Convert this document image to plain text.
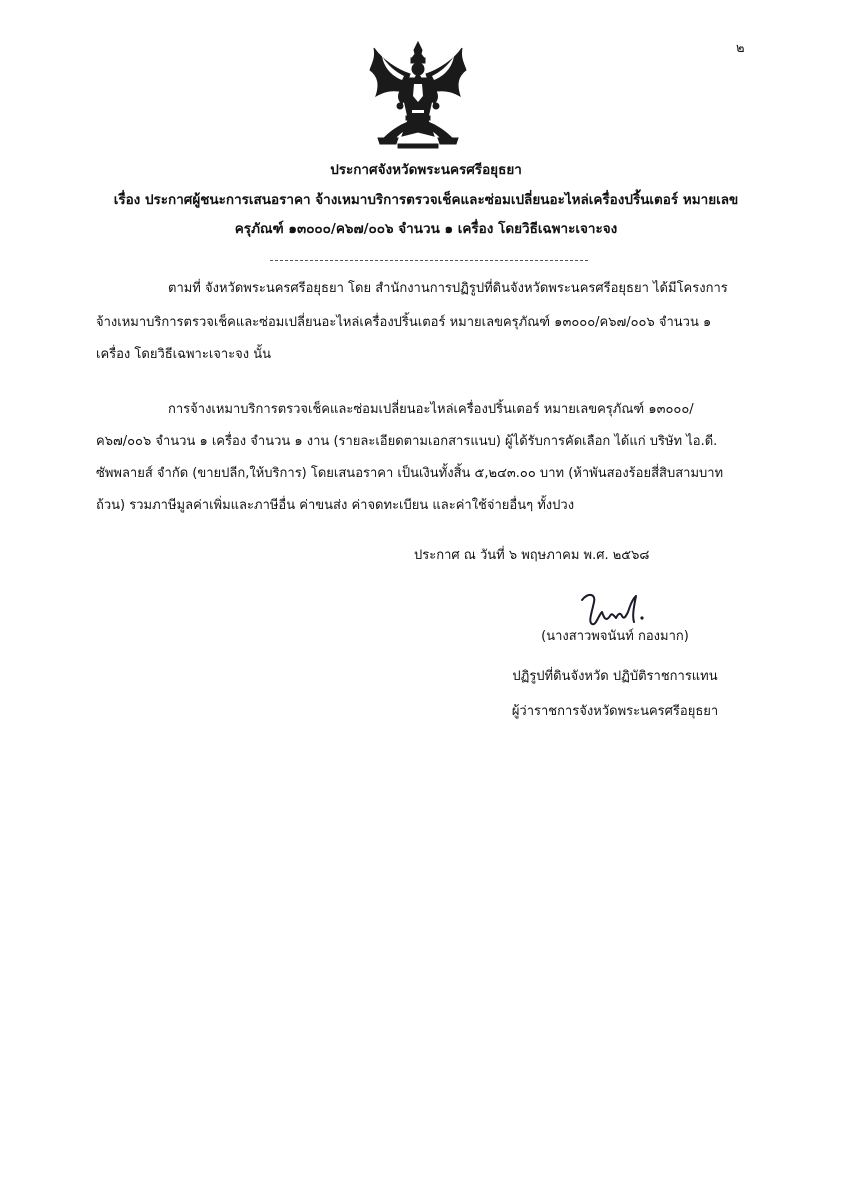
๒
ประกาศจังหวัดพระนครศรีอยุธยา
เรื่อง ประกาศผู้ชนะการเสนอราคา จ้างเหมาบริการตรวจเช็คและซ่อมเปลี่ยนอะไหล่เครื่องปริ้นเตอร์ หมายเลข
ครุภัณฑ์ ๑๓๐๐๐/ค๖๗/๐๐๖ จำนวน ๑ เครื่อง โดยวิธีเฉพาะเจาะจง
ตามที่ จังหวัดพระนครศรีอยุธยา โดย สำนักงานการปฏิรูปที่ดินจังหวัดพระนครศรีอยุธยา ได้มีโครงการ
จ้างเหมาบริการตรวจเช็คและซ่อมเปลี่ยนอะไหล่เครื่องปริ้นเตอร์ หมายเลขครุภัณฑ์ ๑๓๐๐๐/ค๖๗/๐๐๖ จำนวน ๑
เครื่อง โดยวิธีเฉพาะเจาะจง นั้น
การจ้างเหมาบริการตรวจเช็คและซ่อมเปลี่ยนอะไหล่เครื่องปริ้นเตอร์ หมายเลขครุภัณฑ์ ๑๓๐๐๐/
ค๖๗/๐๐๖ จำนวน ๑ เครื่อง จำนวน ๑ งาน (รายละเอียดตามเอกสารแนบ) ผู้ได้รับการคัดเลือก ได้แก่ บริษัท ไอ.ดี.
ซัพพลายส์ จำกัด (ขายปลีก,ให้บริการ) โดยเสนอราคา เป็นเงินทั้งสิ้น ๕,๒๔๓.๐๐ บาท (ห้าพันสองร้อยสี่สิบสามบาท
ถ้วน) รวมภาษีมูลค่าเพิ่มและภาษีอื่น ค่าขนส่ง ค่าจดทะเบียน และค่าใช้จ่ายอื่นๆ ทั้งปวง
ประกาศ ณ วันที่ ๖ พฤษภาคม พ.ศ. ๒๕๖๘
(นางสาวพจนันท์ กองมาก)
ปฏิรูปที่ดินจังหวัด ปฏิบัติราชการแทน
ผู้ว่าราชการจังหวัดพระนครศรีอยุธยา
